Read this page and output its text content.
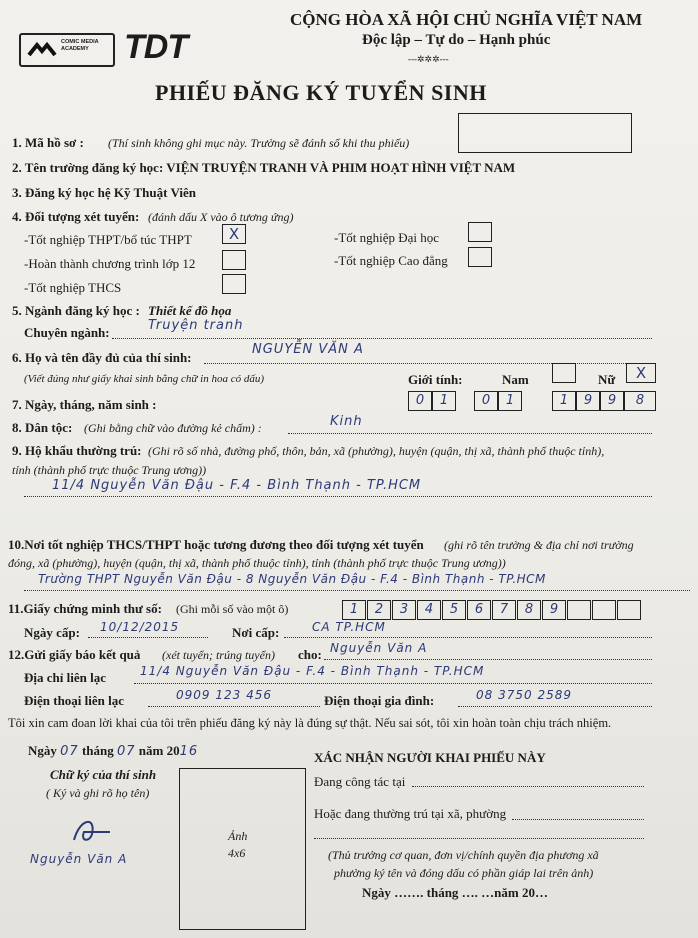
COMIC MEDIA ACADEMY	TDT
CỘNG HÒA XÃ HỘI CHỦ NGHĨA VIỆT NAM
Độc lập – Tự do – Hạnh phúc
---✲✲✲---
PHIẾU ĐĂNG KÝ TUYỂN SINH
1. Mã hồ sơ : (Thí sinh không ghi mục này. Trường sẽ đánh số khi thu phiếu)
2. Tên trường đăng ký học: VIỆN TRUYỆN TRANH VÀ PHIM HOẠT HÌNH VIỆT NAM
3. Đăng ký học hệ Kỹ Thuật Viên
4. Đối tượng xét tuyển: (đánh dấu X vào ô tương ứng)
-Tốt nghiệp THPT/bổ túc THPT	X
-Hoàn thành chương trình lớp 12
-Tốt nghiệp THCS
-Tốt nghiệp Đại học
-Tốt nghiệp Cao đẳng
5. Ngành đăng ký học : Thiết kế đồ họa
Chuyên ngành:	Truyện tranh
6. Họ và tên đầy đủ của thí sinh:
NGUYỄN VĂN A
(Viết đúng như giấy khai sinh bằng chữ in hoa có dấu)	Giới tính:	Nam	Nữ	X
7. Ngày, tháng, năm sinh :	0	1	0	1	1	9	9	8
8. Dân tộc: (Ghi bằng chữ vào đường kẻ chấm) :	Kinh
9. Hộ khẩu thường trú: (Ghi rõ số nhà, đường phố, thôn, bản, xã (phường), huyện (quận, thị xã, thành phố thuộc tỉnh),
tỉnh (thành phố trực thuộc Trung ương))
11/4 Nguyễn Văn Đậu - F.4 - Bình Thạnh - TP.HCM
10.Nơi tốt nghiệp THCS/THPT hoặc tương đương theo đối tượng xét tuyển (ghi rõ tên trường & địa chỉ nơi trường
đóng, xã (phường), huyện (quận, thị xã, thành phố thuộc tỉnh), tỉnh (thành phố trực thuộc Trung ương))
Trường THPT Nguyễn Văn Đậu - 8 Nguyễn Văn Đậu - F.4 - Bình Thạnh - TP.HCM
11.Giấy chứng minh thư số: (Ghi mỗi số vào một ô)	1	2	3	4	5	6	7	8	9
Ngày cấp: 10/12/2015	Nơi cấp:	CA TP.HCM
12.Gửi giấy báo kết quả (xét tuyển; trúng tuyển) cho: Nguyễn Văn A
Địa chỉ liên lạc	11/4 Nguyễn Văn Đậu - F.4 - Bình Thạnh - TP.HCM
Điện thoại liên lạc	0909 123 456	Điện thoại gia đình:	08 3750 2589
Tôi xin cam đoan lời khai của tôi trên phiếu đăng ký này là đúng sự thật. Nếu sai sót, tôi xin hoàn toàn chịu trách nhiệm.
Ngày 07 tháng 07 năm 2016
Chữ ký của thí sinh
( Ký và ghi rõ họ tên)
Nguyễn Văn A
Ảnh
4x6
XÁC NHẬN NGƯỜI KHAI PHIẾU NÀY
Đang công tác tại
Hoặc đang thường trú tại xã, phường
(Thủ trưởng cơ quan, đơn vị/chính quyền địa phương xã
phường ký tên và đóng dấu có phần giáp lai trên ảnh)
Ngày ……. tháng …. …năm 20…
